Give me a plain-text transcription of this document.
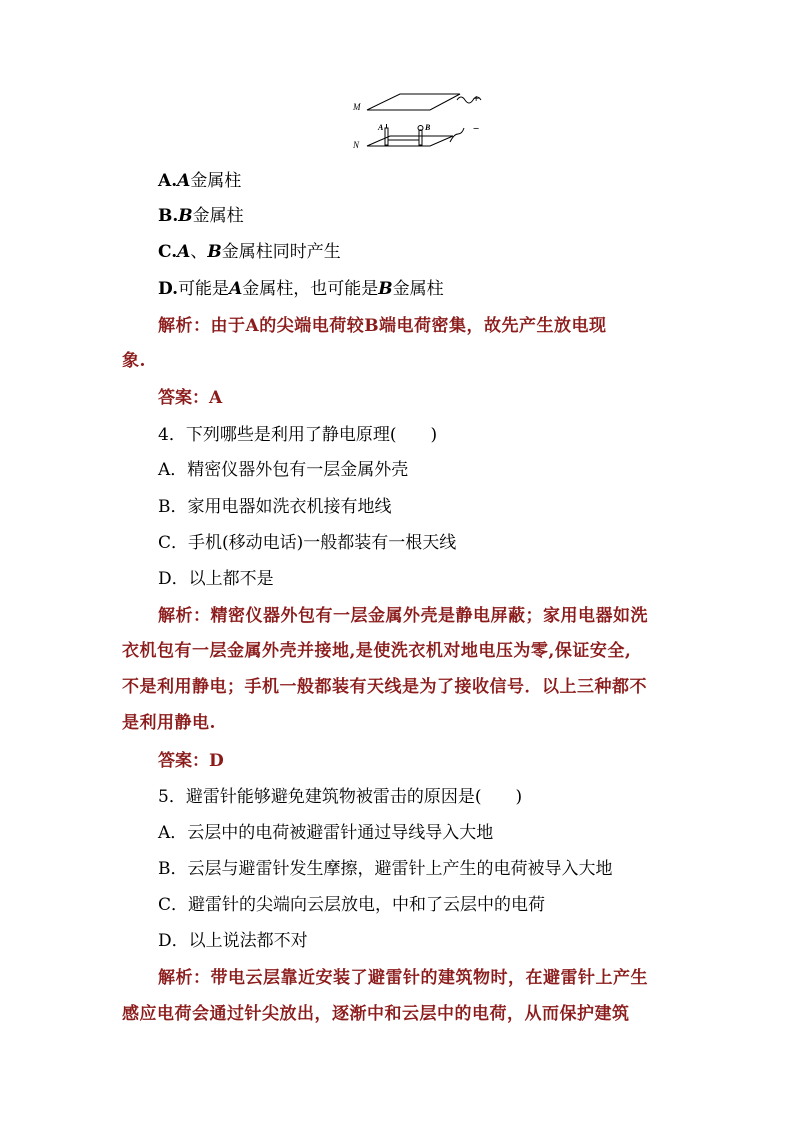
M
+
N
−
A	B
A.A金属柱
B.B金属柱
C.A、B金属柱同时产生
D.可能是A金属柱，也可能是B金属柱
解析：由于A的尖端电荷较B端电荷密集，故先产生放电现
象.
答案：A
4．下列哪些是利用了静电原理(　　)
A．精密仪器外包有一层金属外壳
B．家用电器如洗衣机接有地线
C．手机(移动电话)一般都装有一根天线
D．以上都不是
解析：精密仪器外包有一层金属外壳是静电屏蔽；家用电器如洗
衣机包有一层金属外壳并接地,是使洗衣机对地电压为零,保证安全,
不是利用静电；手机一般都装有天线是为了接收信号．以上三种都不
是利用静电.
答案：D
5．避雷针能够避免建筑物被雷击的原因是(　　)
A．云层中的电荷被避雷针通过导线导入大地
B．云层与避雷针发生摩擦，避雷针上产生的电荷被导入大地
C．避雷针的尖端向云层放电，中和了云层中的电荷
D．以上说法都不对
解析：带电云层靠近安装了避雷针的建筑物时，在避雷针上产生
感应电荷会通过针尖放出，逐渐中和云层中的电荷，从而保护建筑
